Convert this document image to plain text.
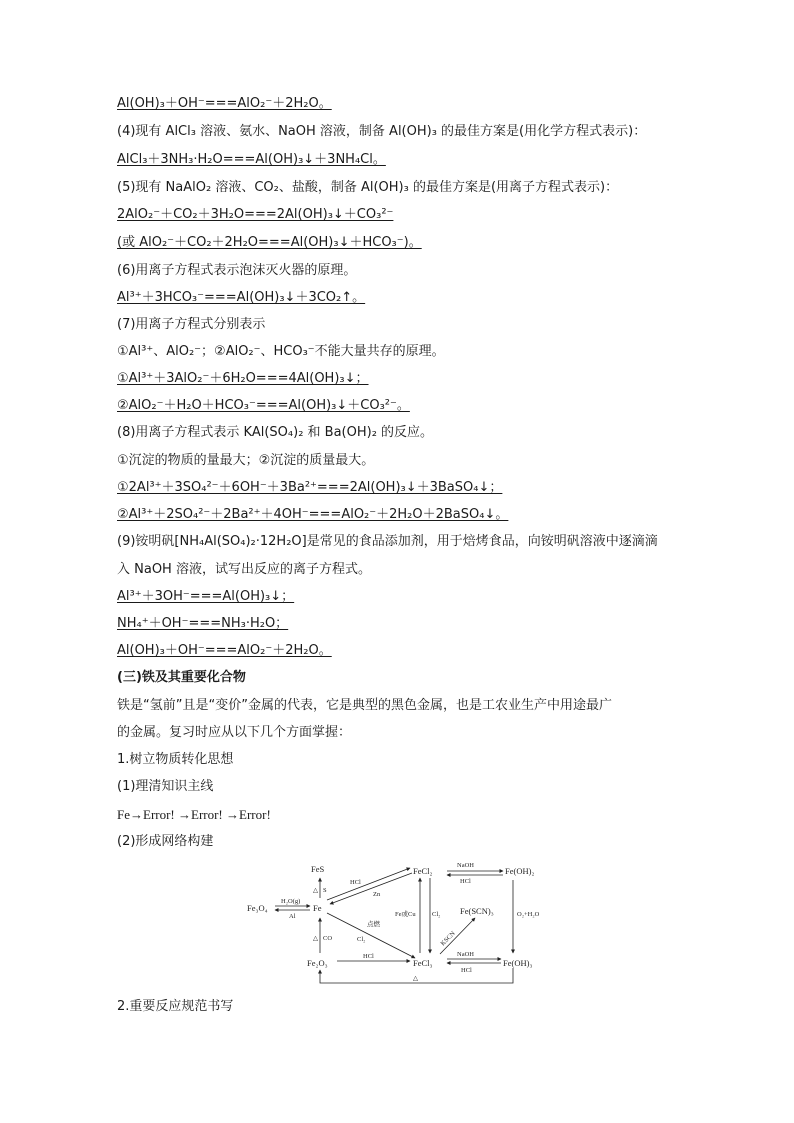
Al(OH)₃＋OH⁻===AlO₂⁻＋2H₂O。
(4)现有 AlCl₃ 溶液、氨水、NaOH 溶液，制备 Al(OH)₃ 的最佳方案是(用化学方程式表示)：
AlCl₃＋3NH₃·H₂O===Al(OH)₃↓＋3NH₄Cl。
(5)现有 NaAlO₂ 溶液、CO₂、盐酸，制备 Al(OH)₃ 的最佳方案是(用离子方程式表示)：
2AlO₂⁻＋CO₂＋3H₂O===2Al(OH)₃↓＋CO₃²⁻
(或 AlO₂⁻＋CO₂＋2H₂O===Al(OH)₃↓＋HCO₃⁻)。
(6)用离子方程式表示泡沫灭火器的原理。
Al³⁺＋3HCO₃⁻===Al(OH)₃↓＋3CO₂↑。
(7)用离子方程式分别表示
①Al³⁺、AlO₂⁻；②AlO₂⁻、HCO₃⁻不能大量共存的原理。
①Al³⁺＋3AlO₂⁻＋6H₂O===4Al(OH)₃↓；
②AlO₂⁻＋H₂O＋HCO₃⁻===Al(OH)₃↓＋CO₃²⁻。
(8)用离子方程式表示 KAl(SO₄)₂ 和 Ba(OH)₂ 的反应。
①沉淀的物质的量最大；②沉淀的质量最大。
①2Al³⁺＋3SO₄²⁻＋6OH⁻＋3Ba²⁺===2Al(OH)₃↓＋3BaSO₄↓；
②Al³⁺＋2SO₄²⁻＋2Ba²⁺＋4OH⁻===AlO₂⁻＋2H₂O＋2BaSO₄↓。
(9)铵明矾[NH₄Al(SO₄)₂·12H₂O]是常见的食品添加剂，用于焙烤食品，向铵明矾溶液中逐滴滴
入 NaOH 溶液，试写出反应的离子方程式。
Al³⁺＋3OH⁻===Al(OH)₃↓；
NH₄⁺＋OH⁻===NH₃·H₂O；
Al(OH)₃＋OH⁻===AlO₂⁻＋2H₂O。
(三)铁及其重要化合物
铁是“氢前”且是“变价”金属的代表，它是典型的黑色金属，也是工农业生产中用途最广
的金属。复习时应从以下几个方面掌握：
1.树立物质转化思想
(1)理清知识主线
Fe→Error! →Error! →Error!
(2)形成网络构建
FeS
Fe₃O₄	Fe
Fe₂O₃
FeCl₂
FeCl₃
Fe(OH)₂
Fe(OH)₃
Fe(SCN)₃
△ S
H₂O(g)
Al
HCl
Zn
NaOH
HCl
Fe或Cu	Cl₂	O₂+H₂O
点燃
Cl₂
△ CO	KSCN
HCl	NaOH
HCl
△
2.重要反应规范书写
